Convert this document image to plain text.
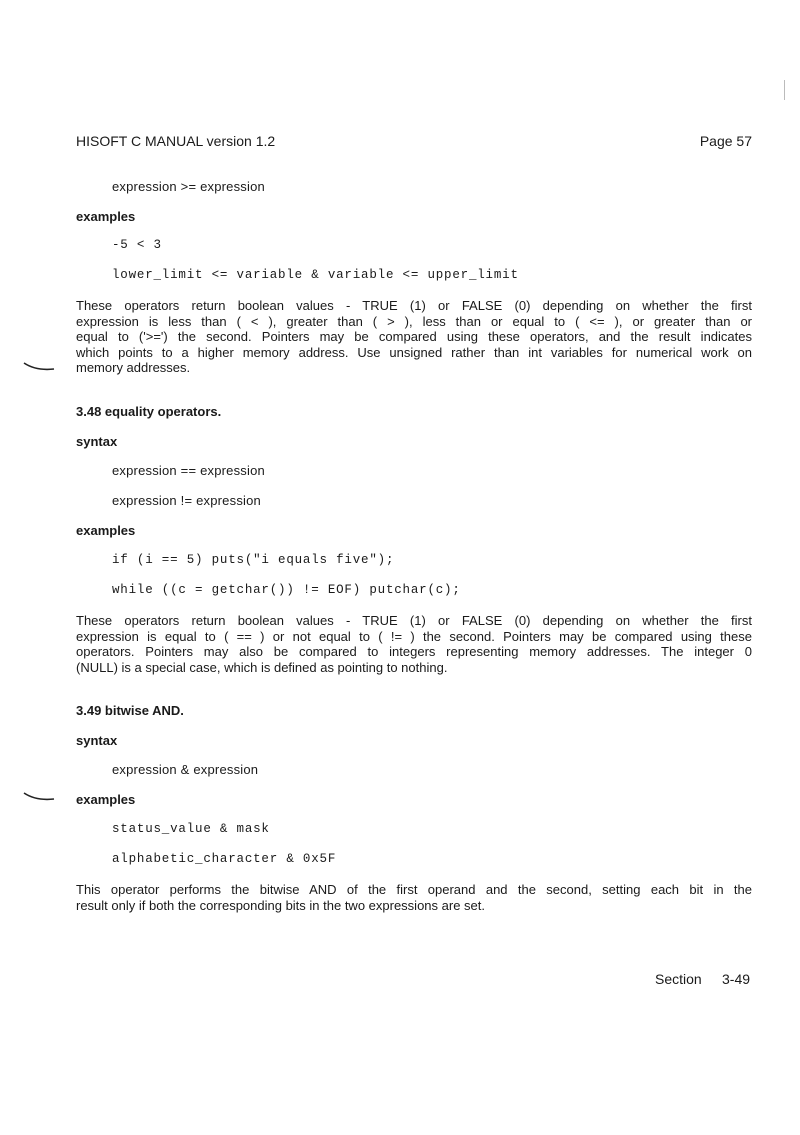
HISOFT C MANUAL version 1.2	Page 57
expression >= expression
examples
-5 < 3
lower_limit <= variable & variable <= upper_limit
These operators return boolean values - TRUE (1) or FALSE (0) depending on whether the first
expression is less than ( < ), greater than ( > ), less than or equal to ( <= ), or greater than or
equal to ('>=') the second. Pointers may be compared using these operators, and the result indicates
which points to a higher memory address. Use unsigned rather than int variables for numerical work on
memory addresses.
3.48 equality operators.
syntax
expression == expression
expression != expression
examples
if (i == 5) puts("i equals five");
while ((c = getchar()) != EOF) putchar(c);
These operators return boolean values - TRUE (1) or FALSE (0) depending on whether the first
expression is equal to ( == ) or not equal to ( != ) the second. Pointers may be compared using these
operators. Pointers may also be compared to integers representing memory addresses. The integer 0
(NULL) is a special case, which is defined as pointing to nothing.
3.49 bitwise AND.
syntax
expression & expression
examples
status_value & mask
alphabetic_character & 0x5F
This operator performs the bitwise AND of the first operand and the second, setting each bit in the
result only if both the corresponding bits in the two expressions are set.
Section 3-49
